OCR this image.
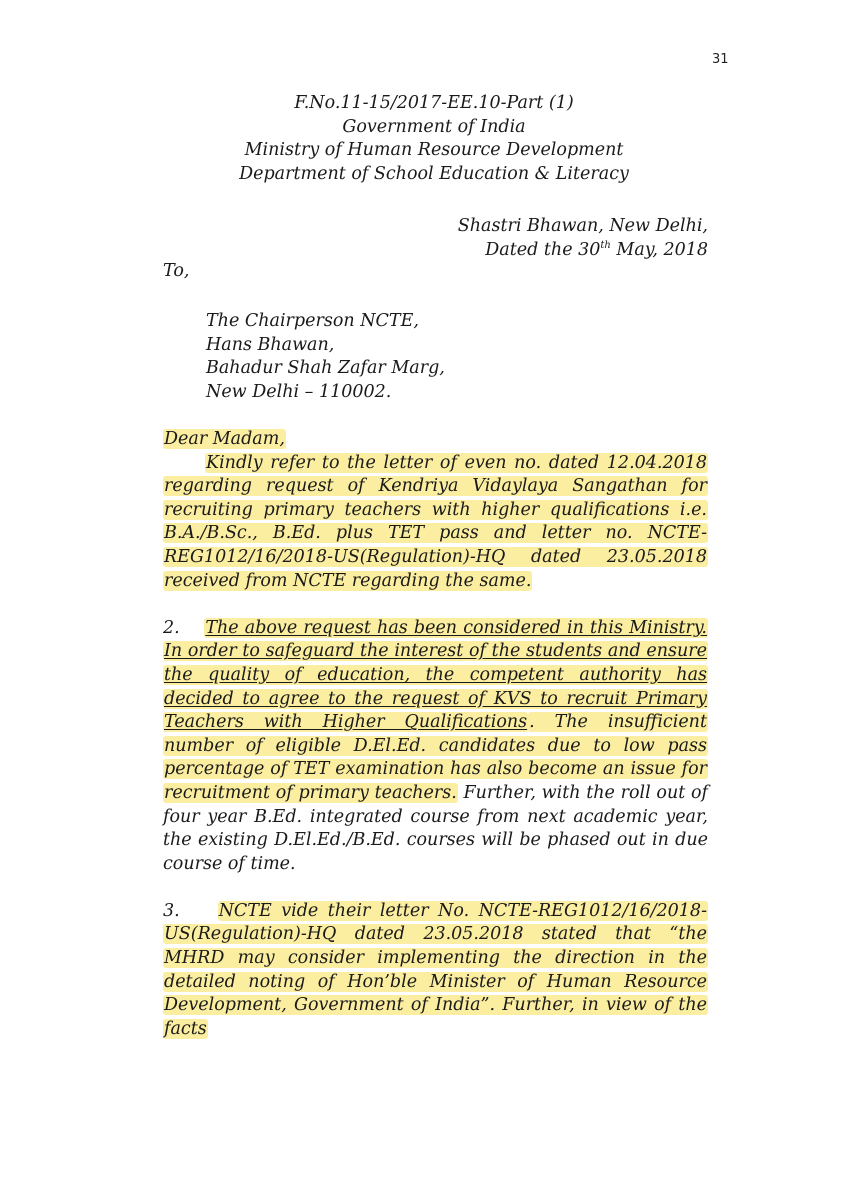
31
F.No.11-15/2017-EE.10-Part (1)
Government of India
Ministry of Human Resource Development
Department of School Education & Literacy
Shastri Bhawan, New Delhi,
Dated the 30th May, 2018
To,
The Chairperson NCTE,
Hans Bhawan,
Bahadur Shah Zafar Marg,
New Delhi – 110002.

Dear Madam,

Kindly refer to the letter of even no. dated 12.04.2018 regarding request of Kendriya Vidaylaya Sangathan for recruiting primary teachers with higher qualifications i.e. B.A./B.Sc., B.Ed. plus TET pass and letter no. NCTE-REG1012/16/2018-US(Regulation)-HQ dated 23.05.2018 received from NCTE regarding the same.

2. The above request has been considered in this Ministry. In order to safeguard the interest of the students and ensure the quality of education, the competent authority has decided to agree to the request of KVS to recruit Primary Teachers with Higher Qualifications . The insufficient number of eligible D.El.Ed. candidates due to low pass percentage of TET examination has also become an issue for recruitment of primary teachers. Further, with the roll out of four year B.Ed. integrated course from next academic year, the existing D.El.Ed./B.Ed. courses will be phased out in due course of time.

3. NCTE vide their letter No. NCTE-REG1012/16/2018-US(Regulation)-HQ dated 23.05.2018 stated that “the MHRD may consider implementing the direction in the detailed noting of Hon’ble Minister of Human Resource Development, Government of India”. Further, in view of the facts
